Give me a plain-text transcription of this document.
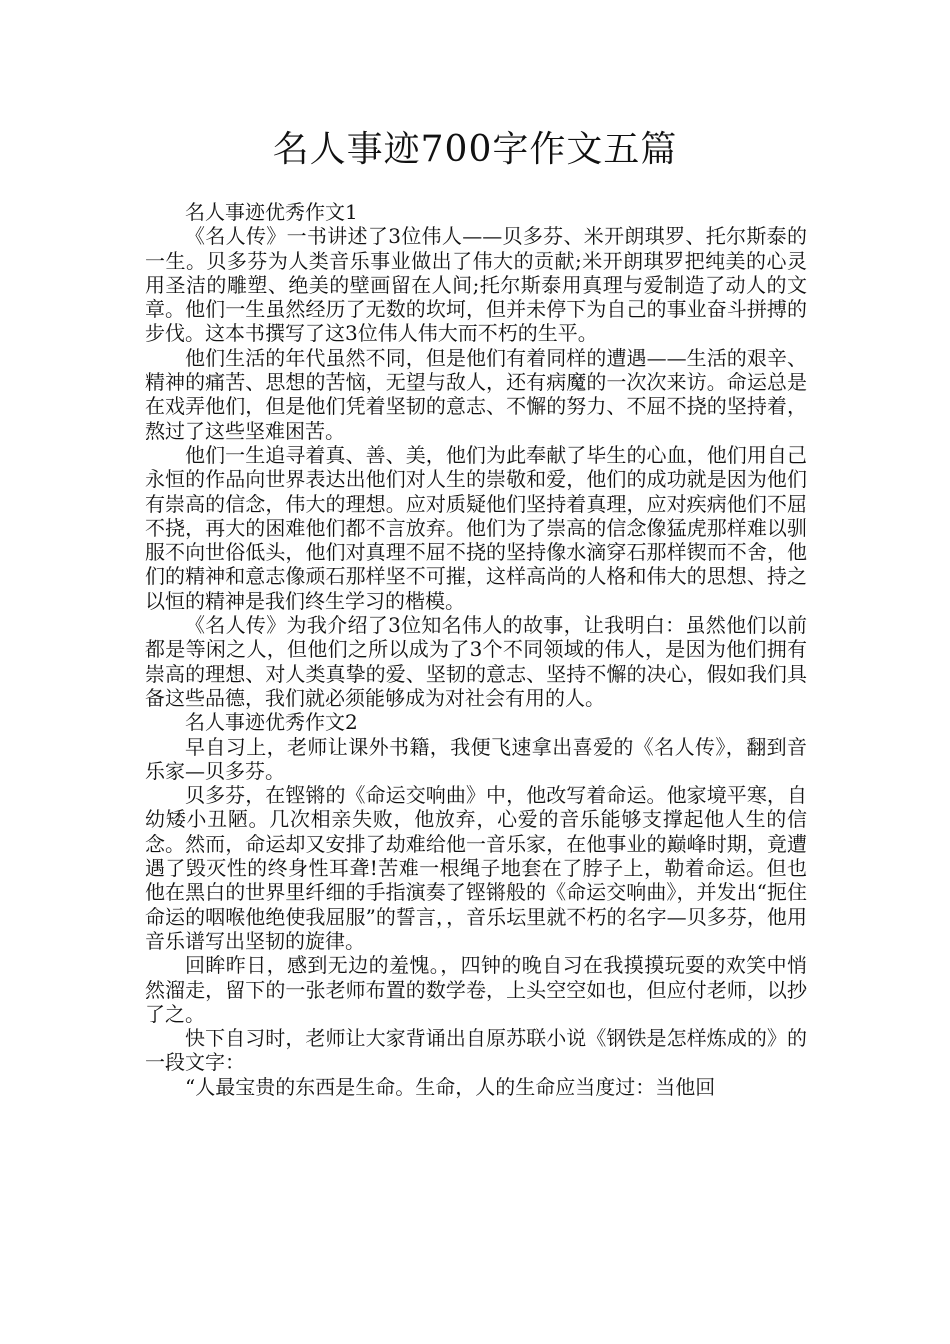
名人事迹700字作文五篇

名人事迹优秀作文1

《名人传》一书讲述了3位伟人——贝多芬、米开朗琪罗、托尔斯泰的一生。贝多芬为人类音乐事业做出了伟大的贡献;米开朗琪罗把纯美的心灵用圣洁的雕塑、绝美的壁画留在人间;托尔斯泰用真理与爱制造了动人的文章。他们一生虽然经历了无数的坎坷，但并未停下为自己的事业奋斗拼搏的步伐。这本书撰写了这3位伟人伟大而不朽的生平。

他们生活的年代虽然不同，但是他们有着同样的遭遇——生活的艰辛、精神的痛苦、思想的苦恼，无望与敌人，还有病魔的一次次来访。命运总是在戏弄他们，但是他们凭着坚韧的意志、不懈的努力、不屈不挠的坚持着，熬过了这些坚难困苦。

他们一生追寻着真、善、美，他们为此奉献了毕生的心血，他们用自己永恒的作品向世界表达出他们对人生的崇敬和爱，他们的成功就是因为他们有崇高的信念，伟大的理想。应对质疑他们坚持着真理，应对疾病他们不屈不挠，再大的困难他们都不言放弃。他们为了崇高的信念像猛虎那样难以驯服不向世俗低头，他们对真理不屈不挠的坚持像水滴穿石那样锲而不舍，他们的精神和意志像顽石那样坚不可摧，这样高尚的人格和伟大的思想、持之以恒的精神是我们终生学习的楷模。

《名人传》为我介绍了3位知名伟人的故事，让我明白：虽然他们以前都是等闲之人，但他们之所以成为了3个不同领域的伟人，是因为他们拥有崇高的理想、对人类真挚的爱、坚韧的意志、坚持不懈的决心，假如我们具备这些品德，我们就必须能够成为对社会有用的人。

名人事迹优秀作文2

早自习上，老师让课外书籍，我便飞速拿出喜爱的《名人传》，翻到音乐家—贝多芬。

贝多芬，在铿锵的《命运交响曲》中，他改写着命运。他家境平寒，自幼矮小丑陋。几次相亲失败，他放弃，心爱的音乐能够支撑起他人生的信念。然而，命运却又安排了劫难给他一音乐家，在他事业的巅峰时期，竟遭遇了毁灭性的终身性耳聋!苦难一根绳子地套在了脖子上，勒着命运。但也他在黑白的世界里纤细的手指演奏了铿锵般的《命运交响曲》，并发出“扼住命运的咽喉他绝使我屈服”的誓言，，音乐坛里就不朽的名字—贝多芬，他用音乐谱写出坚韧的旋律。

回眸昨日，感到无边的羞愧。，四钟的晚自习在我摸摸玩耍的欢笑中悄然溜走，留下的一张老师布置的数学卷，上头空空如也，但应付老师，以抄了之。

快下自习时，老师让大家背诵出自原苏联小说《钢铁是怎样炼成的》的一段文字：

“人最宝贵的东西是生命。生命，人的生命应当度过：当他回
